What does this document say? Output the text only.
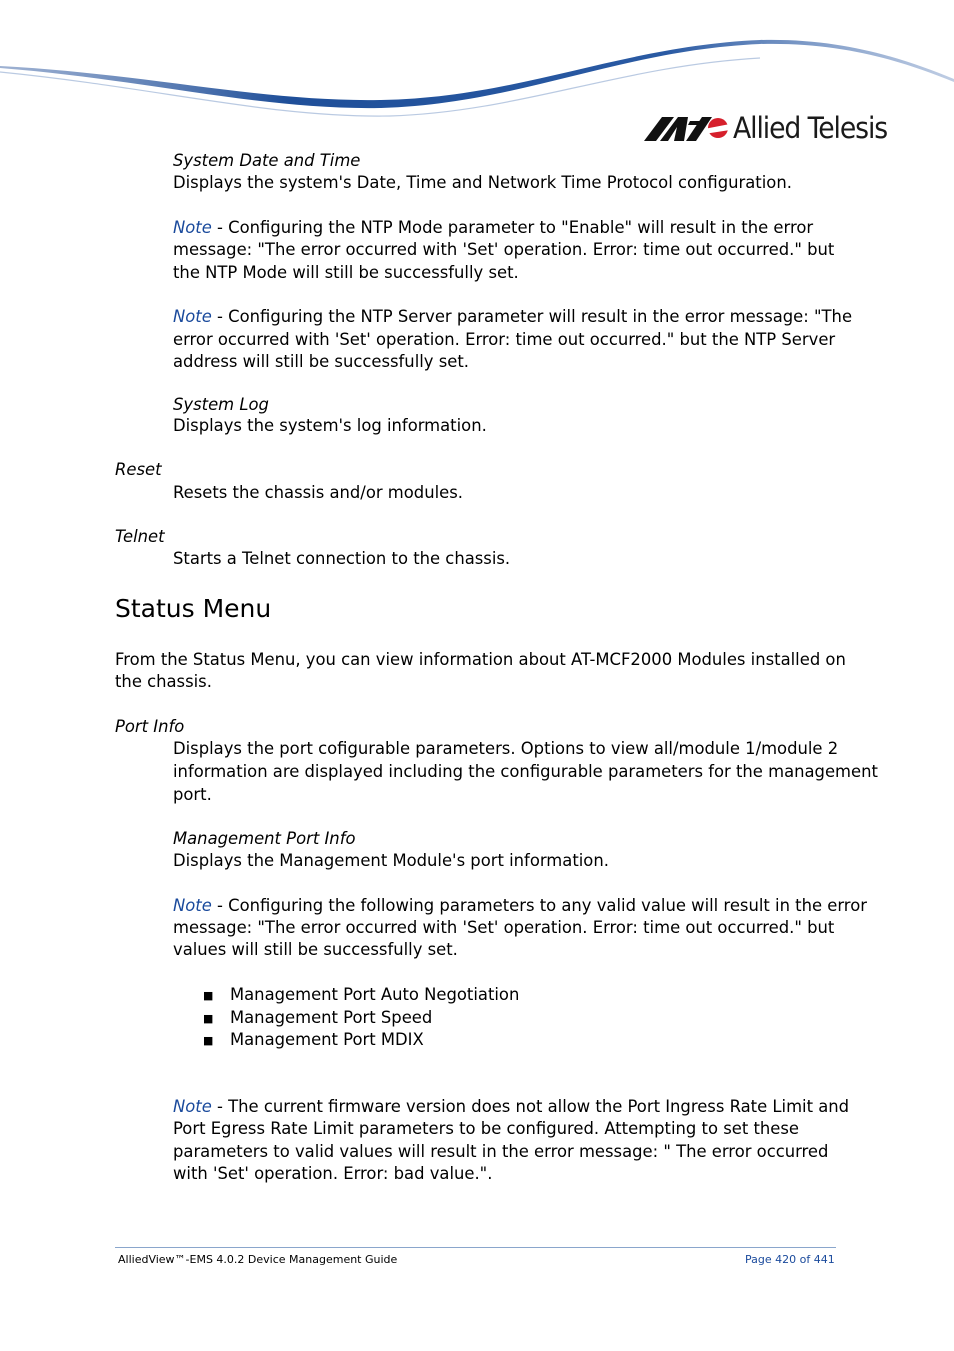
Allied Telesis
System Date and Time
Displays the system's Date, Time and Network Time Protocol configuration.
Note - Configuring the NTP Mode parameter to "Enable" will result in the error
message: "The error occurred with 'Set' operation. Error: time out occurred." but
the NTP Mode will still be successfully set.
Note - Configuring the NTP Server parameter will result in the error message: "The
error occurred with 'Set' operation. Error: time out occurred." but the NTP Server
address will still be successfully set.
System Log
Displays the system's log information.
Reset
Resets the chassis and/or modules.
Telnet
Starts a Telnet connection to the chassis.
Status Menu
From the Status Menu, you can view information about AT-MCF2000 Modules installed on
the chassis.
Port Info
Displays the port cofigurable parameters. Options to view all/module 1/module 2
information are displayed including the configurable parameters for the management
port.
Management Port Info
Displays the Management Module's port information.
Note - Configuring the following parameters to any valid value will result in the error
message: "The error occurred with 'Set' operation. Error: time out occurred." but
values will still be successfully set.
■ Management Port Auto Negotiation
■ Management Port Speed
■ Management Port MDIX
Note - The current firmware version does not allow the Port Ingress Rate Limit and
Port Egress Rate Limit parameters to be configured. Attempting to set these
parameters to valid values will result in the error message: " The error occurred
with 'Set' operation. Error: bad value.".
AlliedView™-EMS 4.0.2 Device Management Guide	Page 420 of 441
